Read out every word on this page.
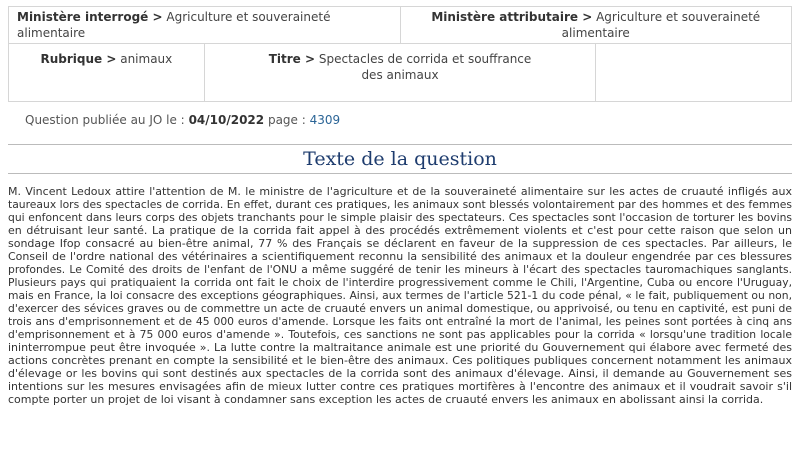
Ministère interrogé > Agriculture et souveraineté alimentaire		Ministère attributaire > Agriculture et souveraineté alimentaire	
Rubrique > animaux	Titre > Spectacles de corrida et souffrance
des animaux		
Question publiée au JO le : 04/10/2022 page : 4309
Texte de la question
M. Vincent Ledoux attire l'attention de M. le ministre de l'agriculture et de la souveraineté alimentaire sur les actes de cruauté infligés aux
taureaux lors des spectacles de corrida. En effet, durant ces pratiques, les animaux sont blessés volontairement par des hommes et des femmes
qui enfoncent dans leurs corps des objets tranchants pour le simple plaisir des spectateurs. Ces spectacles sont l'occasion de torturer les bovins
en détruisant leur santé. La pratique de la corrida fait appel à des procédés extrêmement violents et c'est pour cette raison que selon un
sondage Ifop consacré au bien-être animal, 77 % des Français se déclarent en faveur de la suppression de ces spectacles. Par ailleurs, le
Conseil de l'ordre national des vétérinaires a scientifiquement reconnu la sensibilité des animaux et la douleur engendrée par ces blessures
profondes. Le Comité des droits de l'enfant de l'ONU a même suggéré de tenir les mineurs à l'écart des spectacles tauromachiques sanglants.
Plusieurs pays qui pratiquaient la corrida ont fait le choix de l'interdire progressivement comme le Chili, l'Argentine, Cuba ou encore l'Uruguay,
mais en France, la loi consacre des exceptions géographiques. Ainsi, aux termes de l'article 521-1 du code pénal, « le fait, publiquement ou non,
d'exercer des sévices graves ou de commettre un acte de cruauté envers un animal domestique, ou apprivoisé, ou tenu en captivité, est puni de
trois ans d'emprisonnement et de 45 000 euros d'amende. Lorsque les faits ont entraîné la mort de l'animal, les peines sont portées à cinq ans
d'emprisonnement et à 75 000 euros d'amende ». Toutefois, ces sanctions ne sont pas applicables pour la corrida « lorsqu'une tradition locale
ininterrompue peut être invoquée ». La lutte contre la maltraitance animale est une priorité du Gouvernement qui élabore avec fermeté des
actions concrètes prenant en compte la sensibilité et le bien-être des animaux. Ces politiques publiques concernent notamment les animaux
d'élevage or les bovins qui sont destinés aux spectacles de la corrida sont des animaux d'élevage. Ainsi, il demande au Gouvernement ses
intentions sur les mesures envisagées afin de mieux lutter contre ces pratiques mortifères à l'encontre des animaux et il voudrait savoir s'il
compte porter un projet de loi visant à condamner sans exception les actes de cruauté envers les animaux en abolissant ainsi la corrida.
